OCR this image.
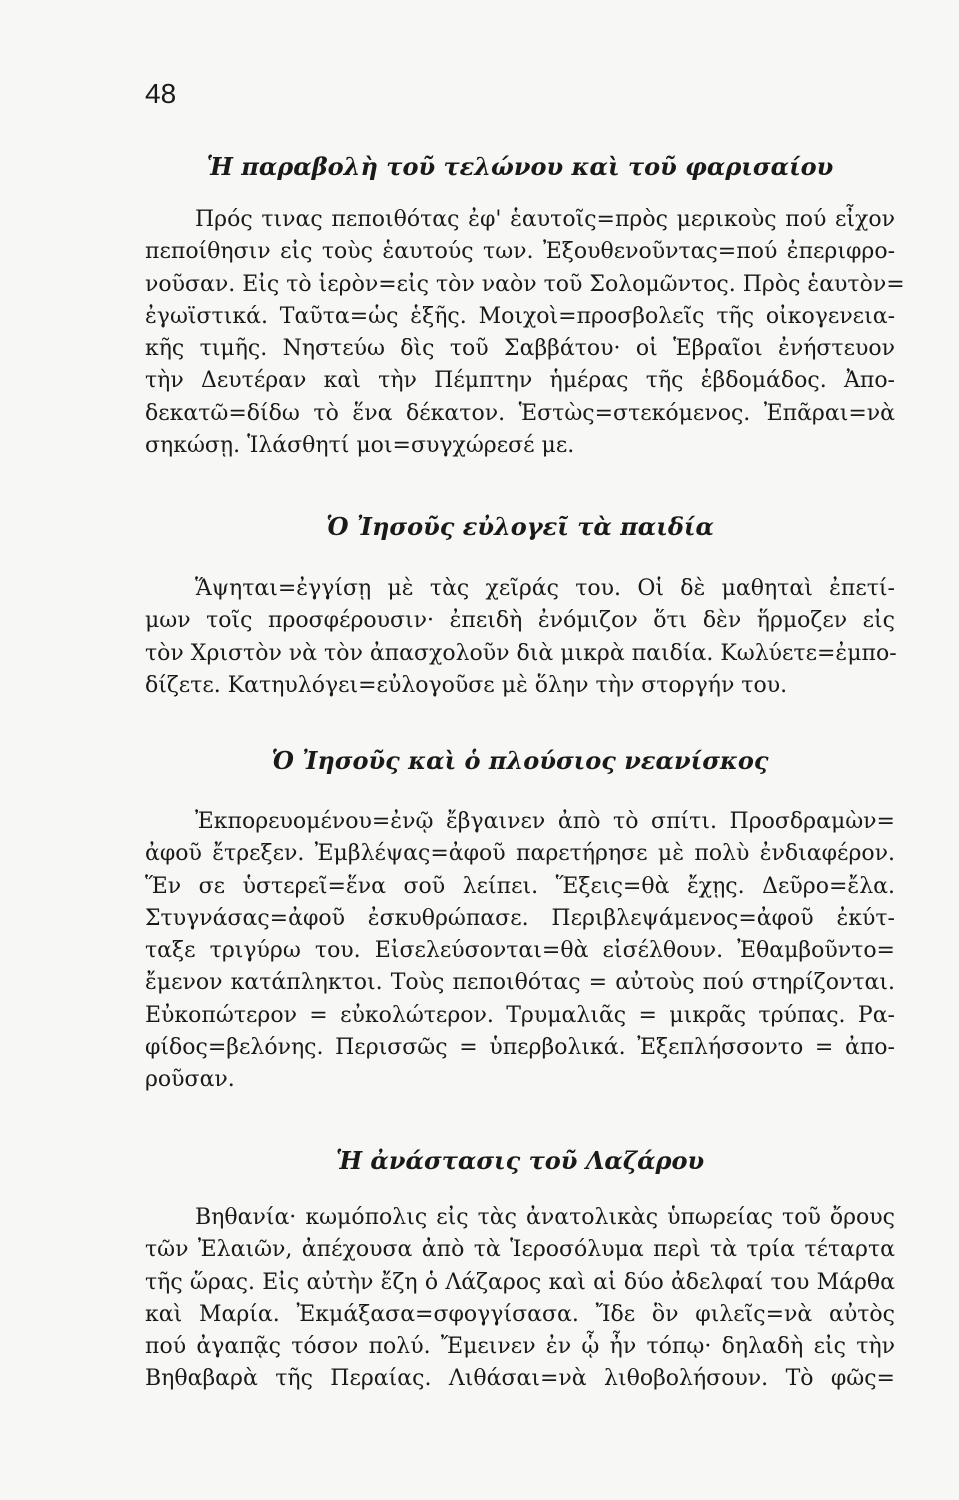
48
Ἡ παραβολὴ τοῦ τελώνου καὶ τοῦ φαρισαίου
Πρός τινας πεποιθότας ἐφ' ἑαυτοῖς=πρὸς μερικοὺς πού εἶχον
πεποίθησιν εἰς τοὺς ἑαυτούς των. Ἐξουθενοῦντας=πού ἐπεριφρο-
νοῦσαν. Εἰς τὸ ἱερὸν=εἰς τὸν ναὸν τοῦ Σολομῶντος. Πρὸς ἑαυτὸν=
ἐγωϊστικά. Ταῦτα=ὡς ἑξῆς. Μοιχοὶ=προσβολεῖς τῆς οἰκογενεια-
κῆς τιμῆς. Νηστεύω δὶς τοῦ Σαββάτου· οἱ Ἑβραῖοι ἐνήστευον
τὴν Δευτέραν καὶ τὴν Πέμπτην ἡμέρας τῆς ἑβδομάδος. Ἀπο-
δεκατῶ=δίδω τὸ ἕνα δέκατον. Ἑστὼς=στεκόμενος. Ἐπᾶραι=νὰ
σηκώσῃ. Ἱλάσθητί μοι=συγχώρεσέ με.
Ὁ Ἰησοῦς εὐλογεῖ τὰ παιδία
Ἅψηται=ἐγγίσῃ μὲ τὰς χεῖράς του. Οἱ δὲ μαθηταὶ ἐπετί-
μων τοῖς προσφέρουσιν· ἐπειδὴ ἐνόμιζον ὅτι δὲν ἥρμοζεν εἰς
τὸν Χριστὸν νὰ τὸν ἀπασχολοῦν διὰ μικρὰ παιδία. Κωλύετε=ἐμπο-
δίζετε. Κατηυλόγει=εὐλογοῦσε μὲ ὅλην τὴν στοργήν του.
Ὁ Ἰησοῦς καὶ ὁ πλούσιος νεανίσκος
Ἐκπορευομένου=ἐνῷ ἔβγαινεν ἀπὸ τὸ σπίτι. Προσδραμὼν=
ἀφοῦ ἔτρεξεν. Ἐμβλέψας=ἀφοῦ παρετήρησε μὲ πολὺ ἐνδιαφέρον.
Ἕν σε ὑστερεῖ=ἕνα σοῦ λείπει. Ἕξεις=θὰ ἔχῃς. Δεῦρο=ἔλα.
Στυγνάσας=ἀφοῦ ἐσκυθρώπασε. Περιβλεψάμενος=ἀφοῦ ἐκύτ-
ταξε τριγύρω του. Εἰσελεύσονται=θὰ εἰσέλθουν. Ἐθαμβοῦντο=
ἔμενον κατάπληκτοι. Τοὺς πεποιθότας = αὐτοὺς πού στηρίζονται.
Εὐκοπώτερον = εὐκολώτερον. Τρυμαλιᾶς = μικρᾶς τρύπας. Ρα-
φίδος=βελόνης. Περισσῶς = ὑπερβολικά. Ἐξεπλήσσοντο = ἀπο-
ροῦσαν.
Ἡ ἀνάστασις τοῦ Λαζάρου
Βηθανία· κωμόπολις εἰς τὰς ἀνατολικὰς ὑπωρείας τοῦ ὄρους
τῶν Ἐλαιῶν, ἀπέχουσα ἀπὸ τὰ Ἱεροσόλυμα περὶ τὰ τρία τέταρτα
τῆς ὥρας. Εἰς αὐτὴν ἔζη ὁ Λάζαρος καὶ αἱ δύο ἀδελφαί του Μάρθα
καὶ Μαρία. Ἐκμάξασα=σφογγίσασα. Ἴδε ὃν φιλεῖς=νὰ αὐτὸς
πού ἀγαπᾷς τόσον πολύ. Ἔμεινεν ἐν ᾧ ἦν τόπῳ· δηλαδὴ εἰς τὴν
Βηθαβαρὰ τῆς Περαίας. Λιθάσαι=νὰ λιθοβολήσουν. Τὸ φῶς=
